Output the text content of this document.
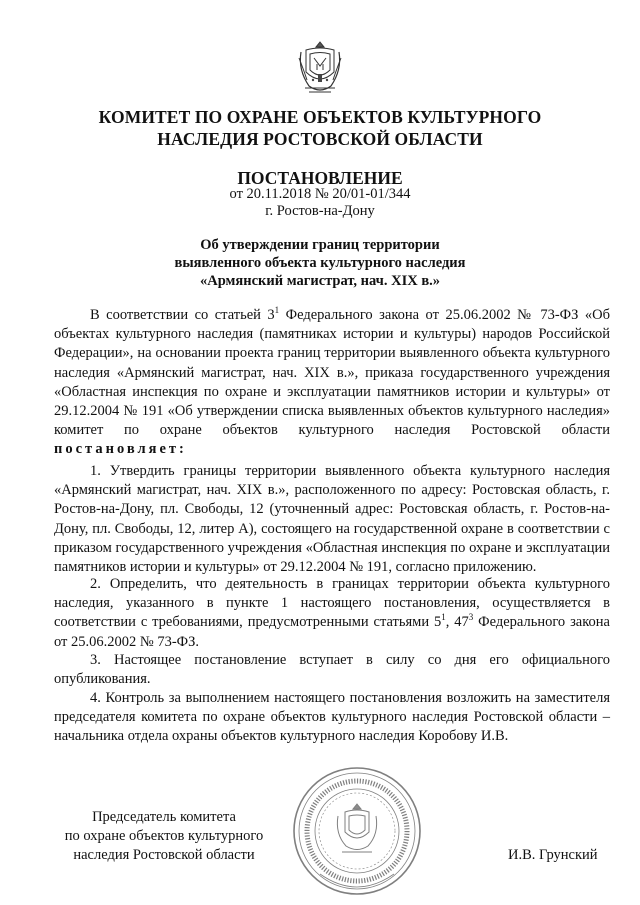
КОМИТЕТ ПО ОХРАНЕ ОБЪЕКТОВ КУЛЬТУРНОГО
НАСЛЕДИЯ РОСТОВСКОЙ ОБЛАСТИ
ПОСТАНОВЛЕНИЕ
от 20.11.2018 № 20/01-01/344
г. Ростов-на-Дону
Об утверждении границ территории
выявленного объекта культурного наследия
«Армянский магистрат, нач. XIX в.»
В соответствии со статьей $3^1$ Федерального закона от 25.06.2002 № 73-ФЗ «Об объектах культурного наследия (памятниках истории и культуры) народов Российской Федерации», на основании проекта границ территории выявленного объекта культурного наследия «Армянский магистрат, нач. XIX в.», приказа государственного учреждения «Областная инспекция по охране и эксплуатации памятников истории и культуры» от 29.12.2004 № 191 «Об утверждении списка выявленных объектов культурного наследия» комитет по охране объектов культурного наследия Ростовской области постановляет:
1. Утвердить границы территории выявленного объекта культурного наследия «Армянский магистрат, нач. XIX в.», расположенного по адресу: Ростовская область, г. Ростов-на-Дону, пл. Свободы, 12 (уточненный адрес: Ростовская область, г. Ростов-на-Дону, пл. Свободы, 12, литер А), состоящего на государственной охране в соответствии с приказом государственного учреждения «Областная инспекция по охране и эксплуатации памятников истории и культуры» от 29.12.2004 № 191, согласно приложению.
2. Определить, что деятельность в границах территории объекта культурного наследия, указанного в пункте 1 настоящего постановления, осуществляется в соответствии с требованиями, предусмотренными статьями $5^1$, $47^3$ Федерального закона от 25.06.2002 № 73-ФЗ.
3. Настоящее постановление вступает в силу со дня его официального опубликования.
4. Контроль за выполнением настоящего постановления возложить на заместителя председателя комитета по охране объектов культурного наследия Ростовской области – начальника отдела охраны объектов культурного наследия Коробову И.В.
Председатель комитета
по охране объектов культурного
наследия Ростовской области	И.В. Грунский
